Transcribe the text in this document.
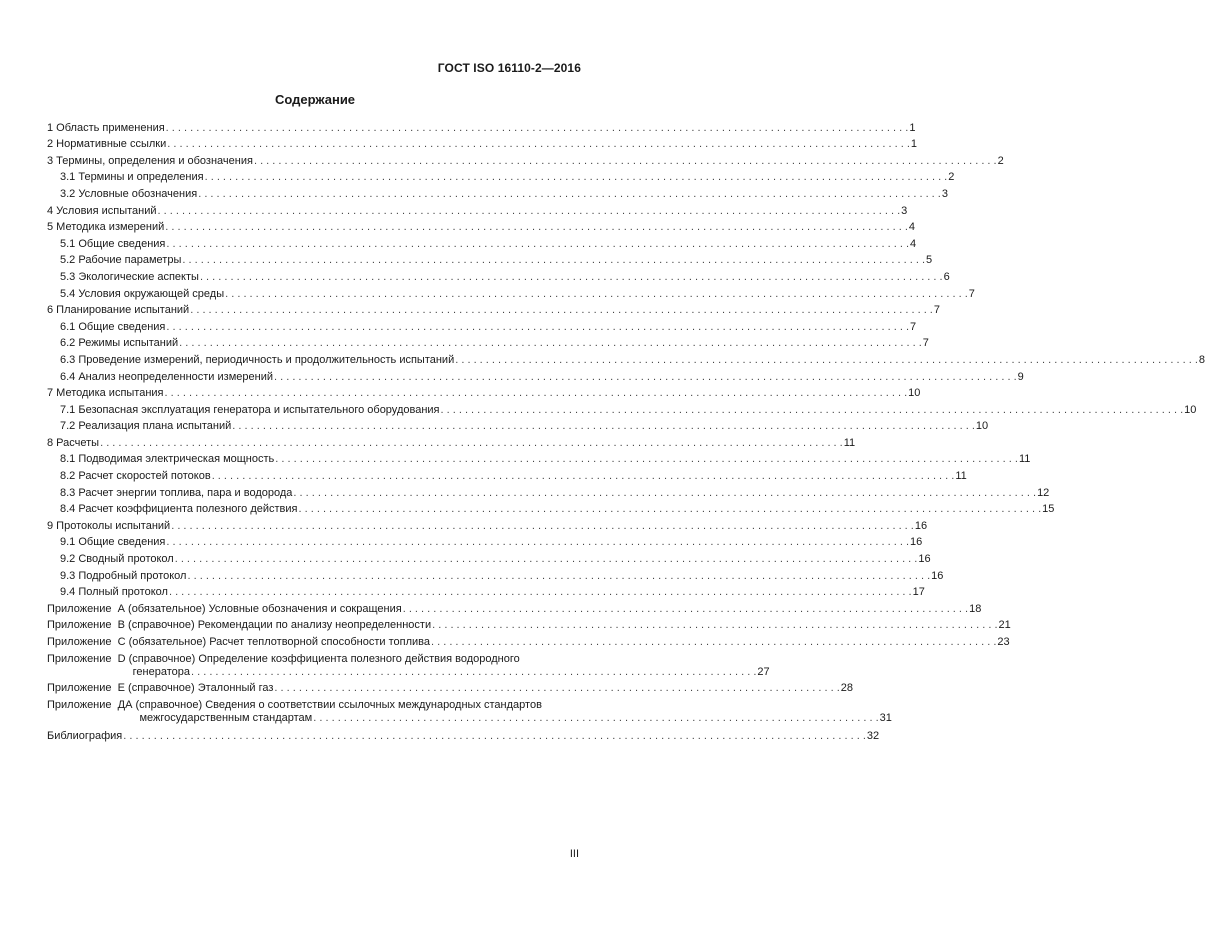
ГОСТ ISO 16110-2—2016
Содержание
1 Область применения . . .	1
2 Нормативные ссылки . . .	1
3 Термины, определения и обозначения . . .	2
3.1 Термины и определения . . .	2
3.2 Условные обозначения . . .	3
4 Условия испытаний . . .	3
5 Методика измерений . . .	4
5.1 Общие сведения . . .	4
5.2 Рабочие параметры . . .	5
5.3 Экологические аспекты . . .	6
5.4 Условия окружающей среды . . .	7
6 Планирование испытаний . . .	7
6.1 Общие сведения . . .	7
6.2 Режимы испытаний . . .	7
6.3 Проведение измерений, периодичность и продолжительность испытаний . . .	8
6.4 Анализ неопределенности измерений . . .	9
7 Методика испытания . . .	10
7.1 Безопасная эксплуатация генератора и испытательного оборудования . . .	10
7.2 Реализация плана испытаний . . .	10
8 Расчеты . . .	11
8.1 Подводимая электрическая мощность . . .	11
8.2 Расчет скоростей потоков . . .	11
8.3 Расчет энергии топлива, пара и водорода . . .	12
8.4 Расчет коэффициента полезного действия . . .	15
9 Протоколы испытаний . . .	16
9.1 Общие сведения . . .	16
9.2 Сводный протокол . . .	16
9.3 Подробный протокол . . .	16
9.4 Полный протокол . . .	17
Приложение  А (обязательное) Условные обозначения и сокращения . . .	18
Приложение  B (справочное) Рекомендации по анализу неопределенности . . .	21
Приложение  C (обязательное) Расчет теплотворной способности топлива . . .	23
Приложение  D (справочное) Определение коэффициента полезного действия водородного
генератора . . .	27
Приложение  E (справочное) Эталонный газ . . .	28
Приложение  ДА (справочное) Сведения о соответствии ссылочных международных стандартов
межгосударственным стандартам . . .	31
Библиография . . .	32
III
